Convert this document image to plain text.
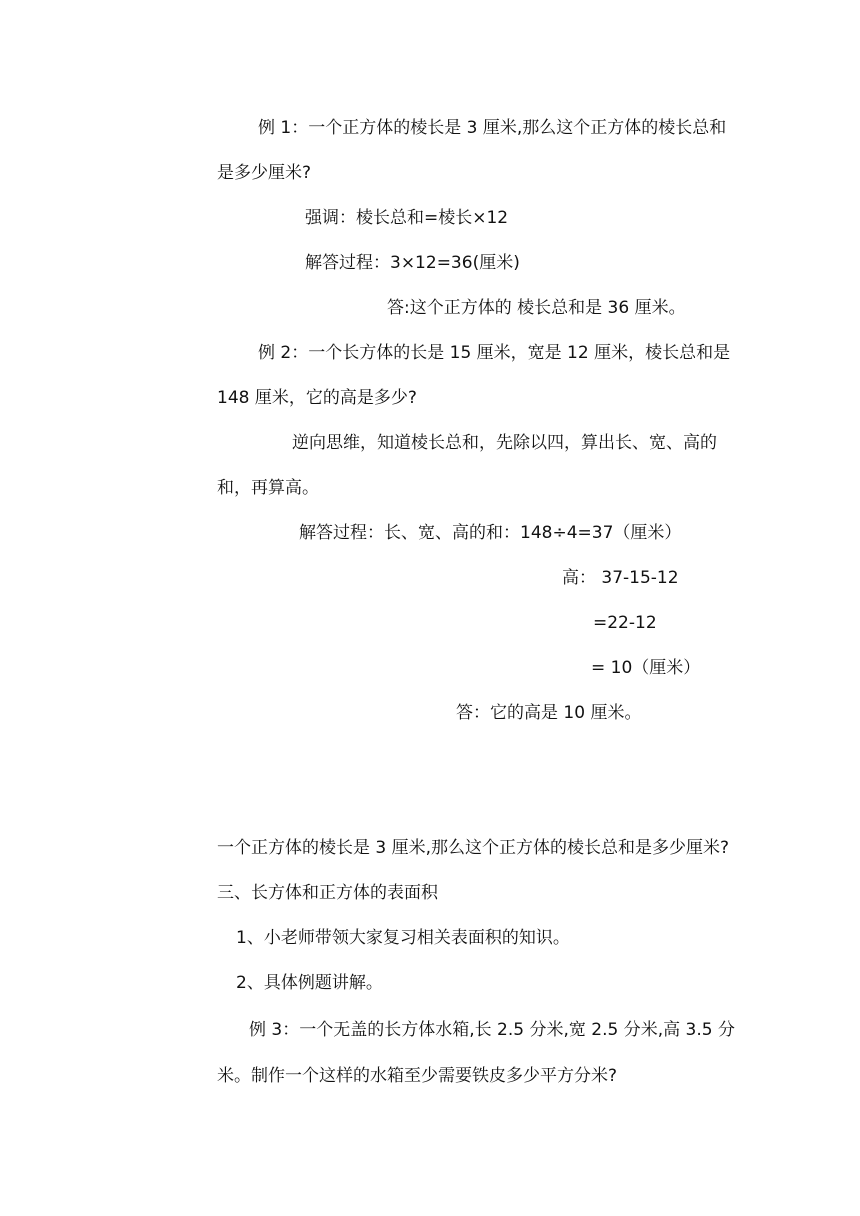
例 1：一个正方体的棱长是 3 厘米,那么这个正方体的棱长总和
是多少厘米?
强调：棱长总和=棱长×12
解答过程：3×12=36(厘米)
答:这个正方体的 棱长总和是 36 厘米。
例 2：一个长方体的长是 15 厘米，宽是 12 厘米，棱长总和是
148 厘米，它的高是多少?
逆向思维，知道棱长总和，先除以四，算出长、宽、高的
和，再算高。
解答过程：长、宽、高的和：148÷4=37（厘米）
高： 37-15-12
=22-12
= 10（厘米）
答：它的高是 10 厘米。
一个正方体的棱长是 3 厘米,那么这个正方体的棱长总和是多少厘米?
三、长方体和正方体的表面积
1、小老师带领大家复习相关表面积的知识。
2、具体例题讲解。
例 3：一个无盖的长方体水箱,长 2.5 分米,宽 2.5 分米,高 3.5 分
米。制作一个这样的水箱至少需要铁皮多少平方分米?
